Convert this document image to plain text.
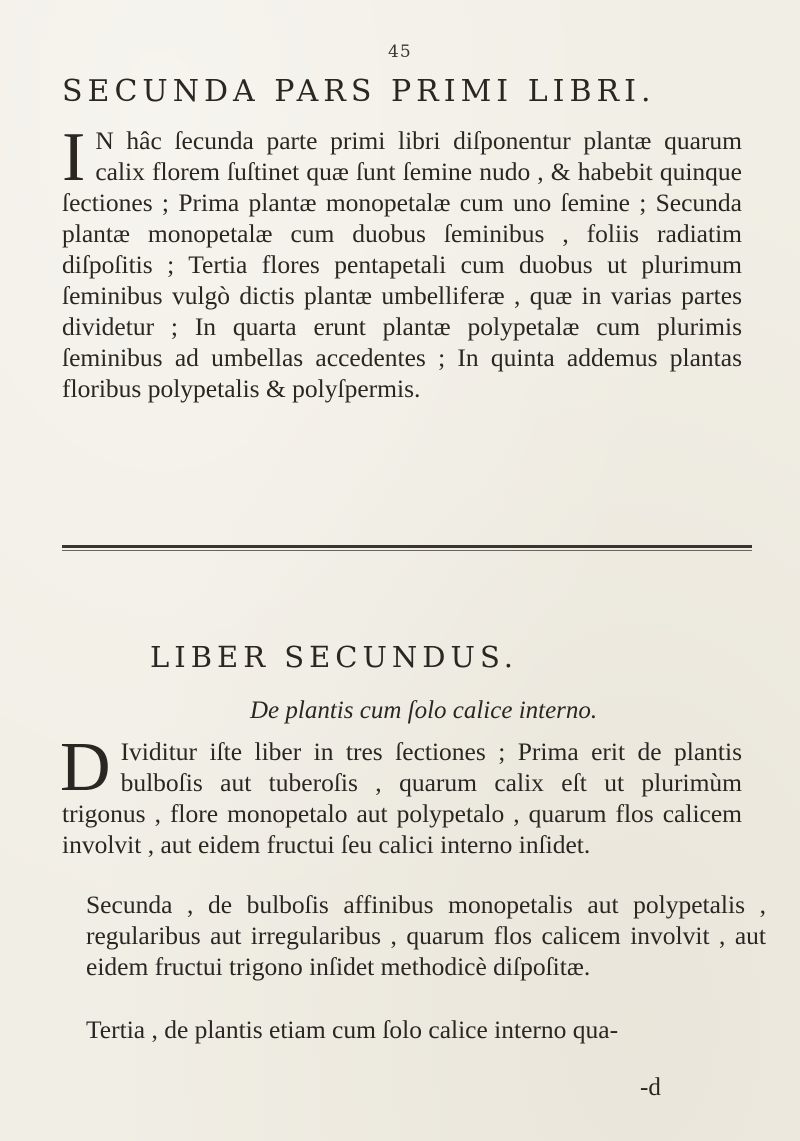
45
SECUNDA PARS PRIMI LIBRI.
I N hâc ſecunda parte primi libri diſponentur plantæ quarum calix florem ſuſtinet quæ ſunt ſemine nudo , & habebit quinque ſectiones ; Prima plantæ monopetalæ cum uno ſemine ; Secunda plantæ monopetalæ cum duobus ſeminibus , foliis radiatim diſpoſitis ; Tertia flores pentapetali cum duobus ut plurimum ſeminibus vulgò dictis plantæ umbelliferæ , quæ in varias partes dividetur ; In quarta erunt plantæ polypetalæ cum plurimis ſeminibus ad umbellas accedentes ; In quinta addemus plantas floribus polypetalis & polyſpermis.
LIBER SECUNDUS.
De plantis cum ſolo calice interno.
D Ividitur iſte liber in tres ſectiones ; Prima erit de plantis bulboſis aut tuberoſis , quarum calix eſt ut plurimùm trigonus , flore monopetalo aut polypetalo , quarum flos calicem involvit , aut eidem fructui ſeu calici interno inſidet.
Secunda , de bulboſis affinibus monopetalis aut polypetalis , regularibus aut irregularibus , quarum flos calicem involvit , aut eidem fructui trigono inſidet methodicè diſpoſitæ.
Tertia , de plantis etiam cum ſolo calice interno qua-
-d
